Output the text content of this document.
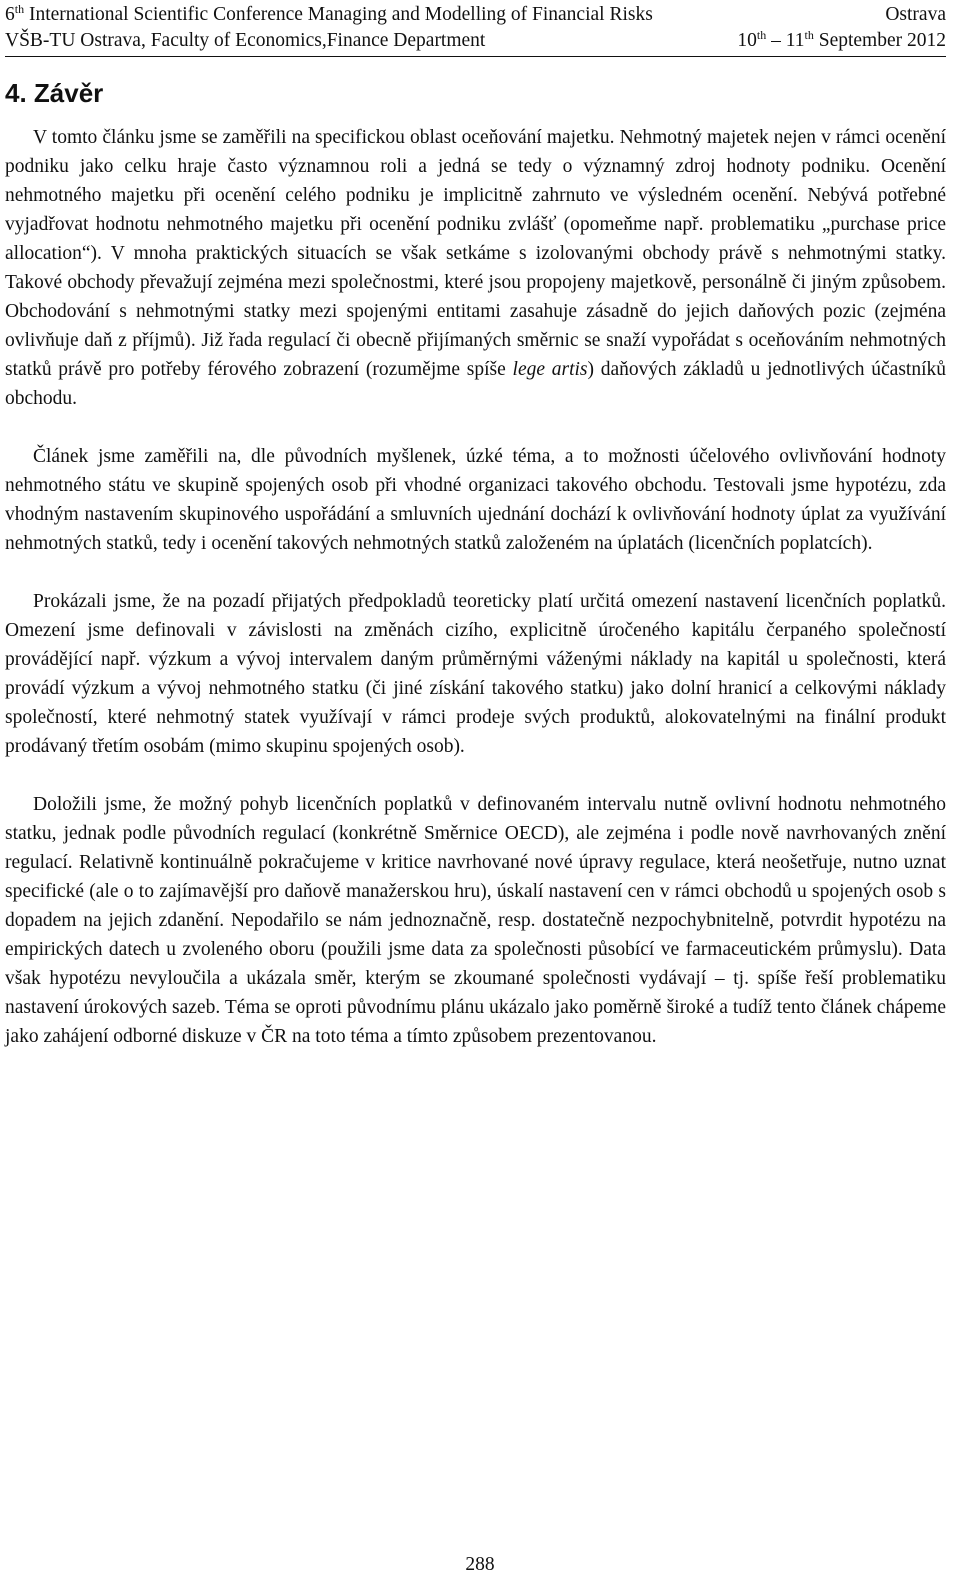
6th International Scientific Conference Managing and Modelling of Financial Risks	Ostrava
VŠB-TU Ostrava, Faculty of Economics,Finance Department	10th – 11th September 2012
4. Závěr

V tomto článku jsme se zaměřili na specifickou oblast oceňování majetku. Nehmotný majetek nejen v rámci ocenění podniku jako celku hraje často významnou roli a jedná se tedy o významný zdroj hodnoty podniku. Ocenění nehmotného majetku při ocenění celého podniku je implicitně zahrnuto ve výsledném ocenění. Nebývá potřebné vyjadřovat hodnotu nehmotného majetku při ocenění podniku zvlášť (opomeňme např. problematiku „purchase price allocation“). V mnoha praktických situacích se však setkáme s izolovanými obchody právě s nehmotnými statky. Takové obchody převažují zejména mezi společnostmi, které jsou propojeny majetkově, personálně či jiným způsobem. Obchodování s nehmotnými statky mezi spojenými entitami zasahuje zásadně do jejich daňových pozic (zejména ovlivňuje daň z příjmů). Již řada regulací či obecně přijímaných směrnic se snaží vypořádat s oceňováním nehmotných statků právě pro potřeby férového zobrazení (rozumějme spíše lege artis) daňových základů u jednotlivých účastníků obchodu.

Článek jsme zaměřili na, dle původních myšlenek, úzké téma, a to možnosti účelového ovlivňování hodnoty nehmotného státu ve skupině spojených osob při vhodné organizaci takového obchodu. Testovali jsme hypotézu, zda vhodným nastavením skupinového uspořádání a smluvních ujednání dochází k ovlivňování hodnoty úplat za využívání nehmotných statků, tedy i ocenění takových nehmotných statků založeném na úplatách (licenčních poplatcích).

Prokázali jsme, že na pozadí přijatých předpokladů teoreticky platí určitá omezení nastavení licenčních poplatků. Omezení jsme definovali v závislosti na změnách cizího, explicitně úročeného kapitálu čerpaného společností provádějící např. výzkum a vývoj intervalem daným průměrnými váženými náklady na kapitál u společnosti, která provádí výzkum a vývoj nehmotného statku (či jiné získání takového statku) jako dolní hranicí a celkovými náklady společností, které nehmotný statek využívají v rámci prodeje svých produktů, alokovatelnými na finální produkt prodávaný třetím osobám (mimo skupinu spojených osob).

Doložili jsme, že možný pohyb licenčních poplatků v definovaném intervalu nutně ovlivní hodnotu nehmotného statku, jednak podle původních regulací (konkrétně Směrnice OECD), ale zejména i podle nově navrhovaných znění regulací. Relativně kontinuálně pokračujeme v kritice navrhované nové úpravy regulace, která neošetřuje, nutno uznat specifické (ale o to zajímavější pro daňově manažerskou hru), úskalí nastavení cen v rámci obchodů u spojených osob s dopadem na jejich zdanění. Nepodařilo se nám jednoznačně, resp. dostatečně nezpochybnitelně, potvrdit hypotézu na empirických datech u zvoleného oboru (použili jsme data za společnosti působící ve farmaceutickém průmyslu). Data však hypotézu nevyloučila a ukázala směr, kterým se zkoumané společnosti vydávají – tj. spíše řeší problematiku nastavení úrokových sazeb. Téma se oproti původnímu plánu ukázalo jako poměrně široké a tudíž tento článek chápeme jako zahájení odborné diskuze v ČR na toto téma a tímto způsobem prezentovanou.

288
